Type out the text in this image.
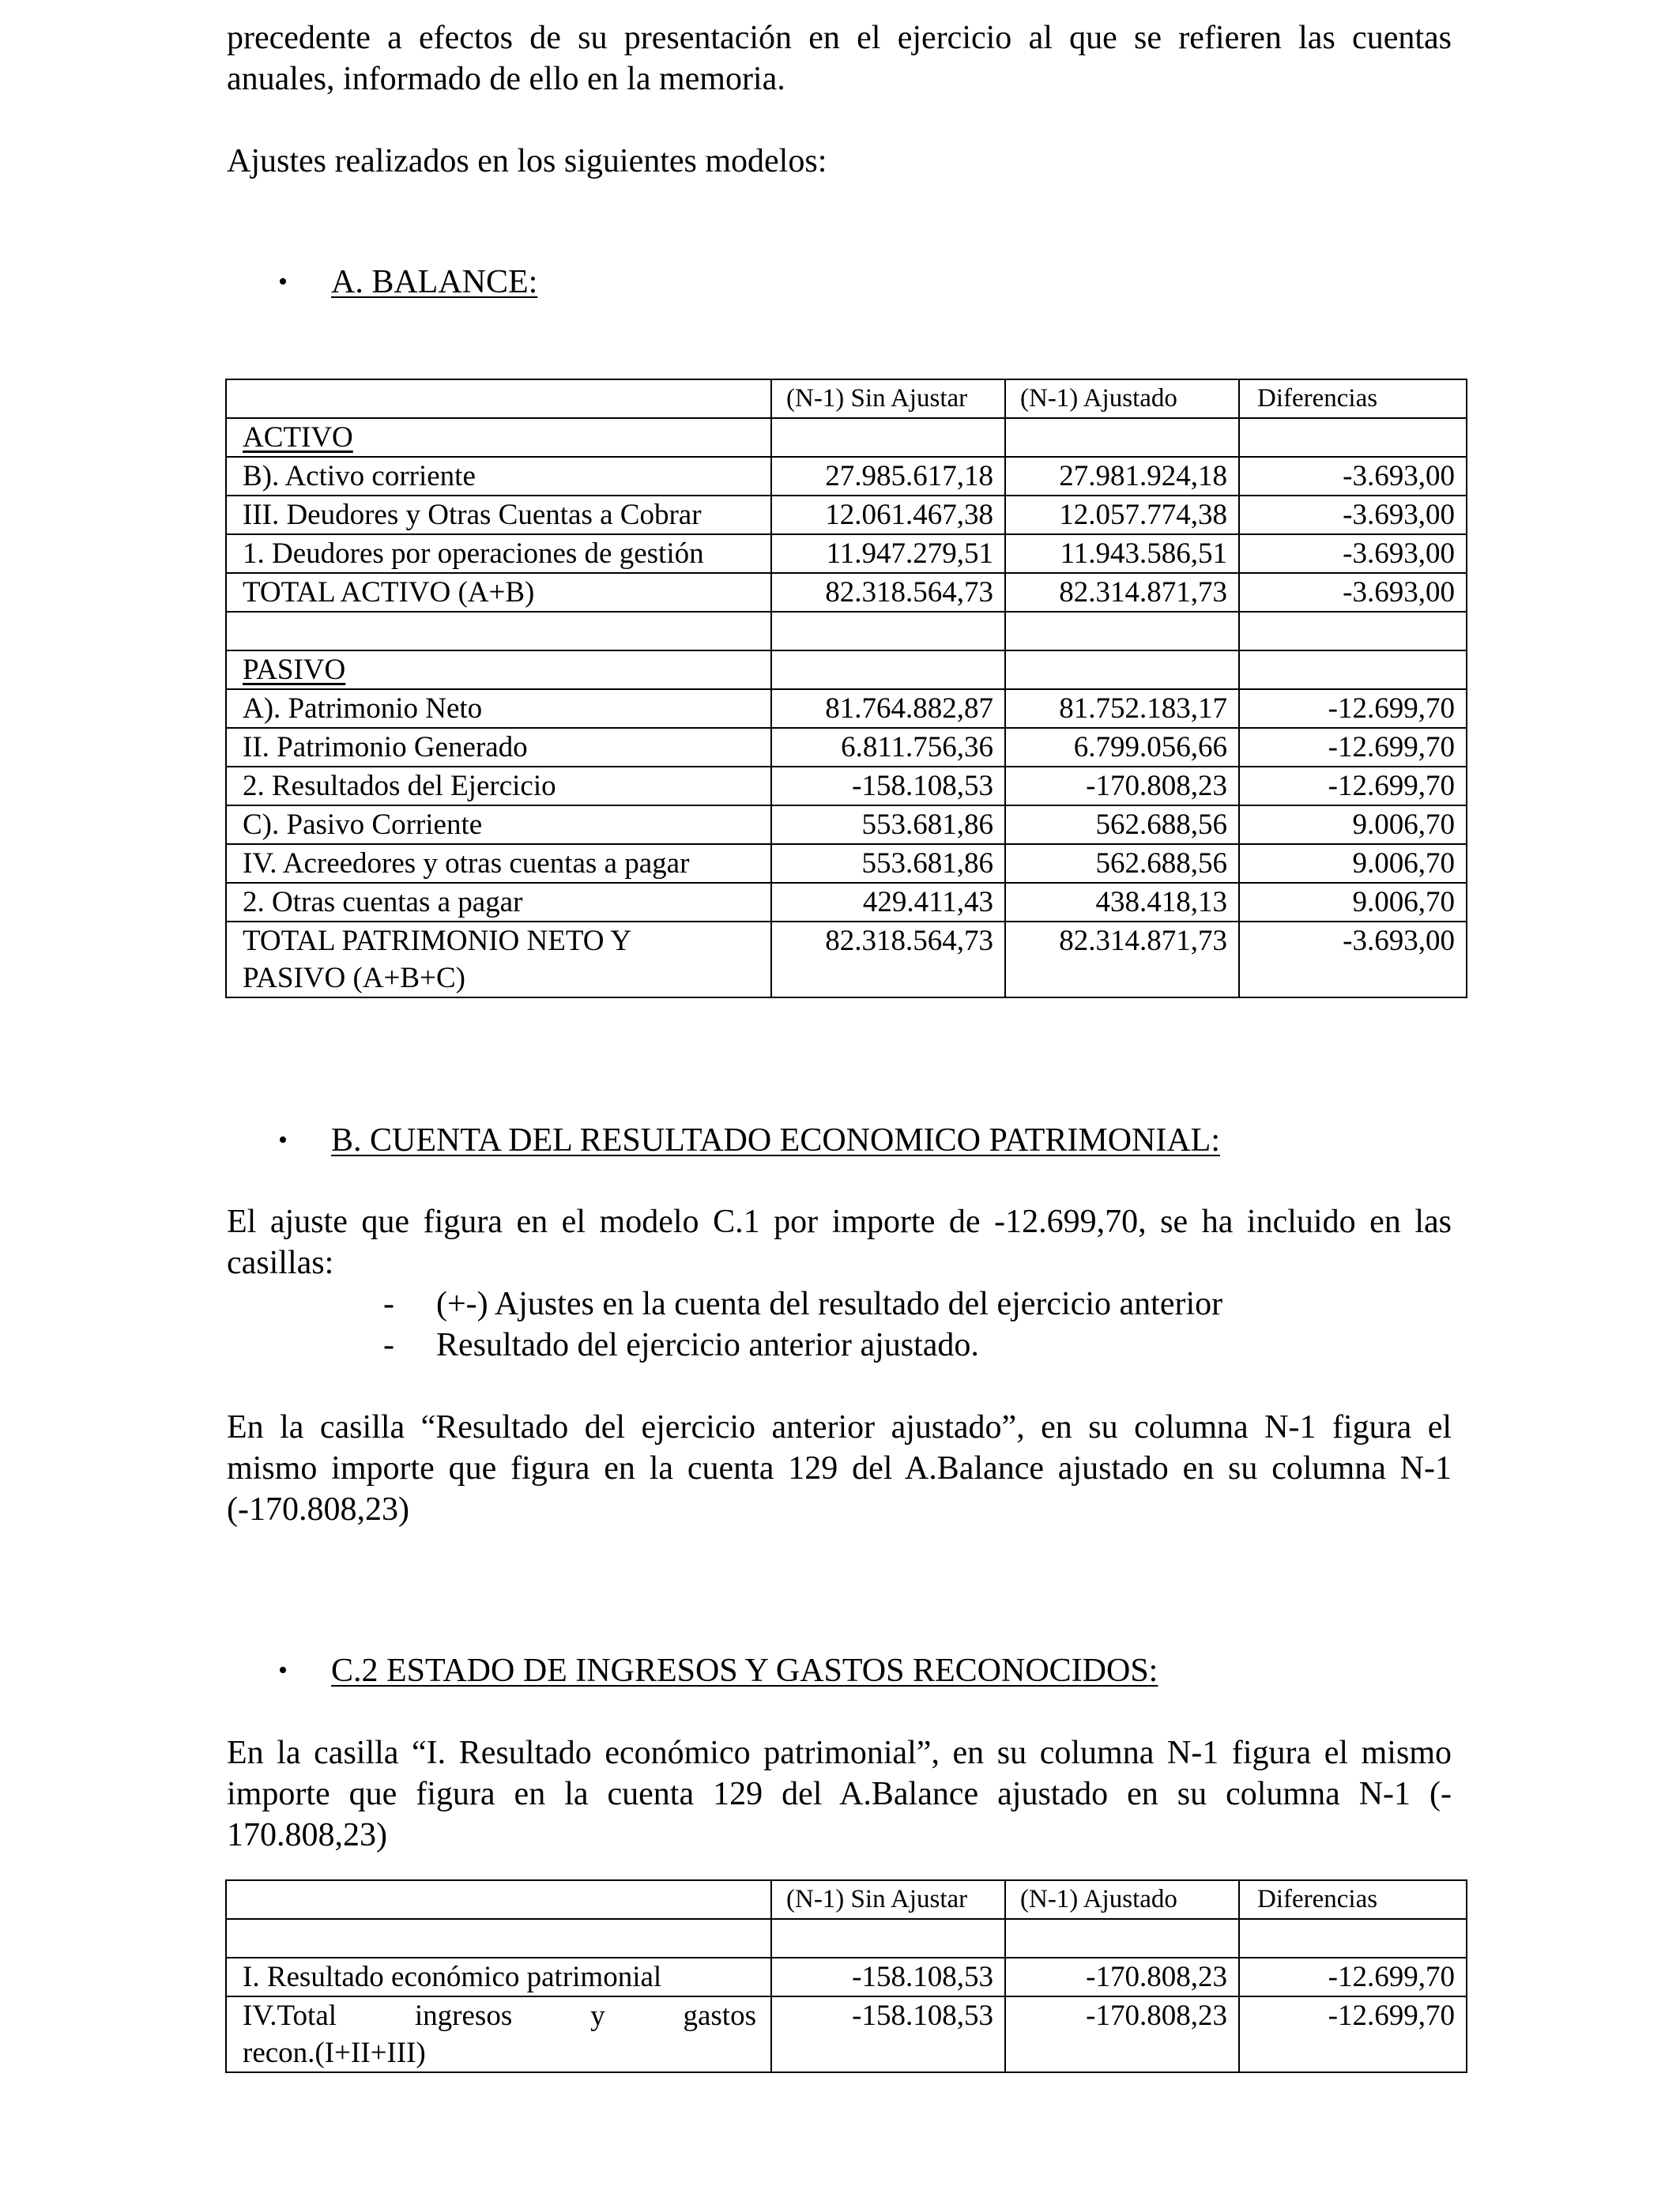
precedente a efectos de su presentación en el ejercicio al que se refieren las cuentas

anuales, informado de ello en la memoria.

Ajustes realizados en los siguientes modelos:

• A. BALANCE:

	(N-1) Sin Ajustar	(N-1) Ajustado	Diferencias
ACTIVO			
B). Activo corriente	27.985.617,18	27.981.924,18	-3.693,00
III. Deudores y Otras Cuentas a Cobrar	12.061.467,38	12.057.774,38	-3.693,00
1. Deudores por operaciones de gestión	11.947.279,51	11.943.586,51	-3.693,00
TOTAL ACTIVO (A+B)	82.318.564,73	82.314.871,73	-3.693,00

PASIVO			
A). Patrimonio Neto	81.764.882,87	81.752.183,17	-12.699,70
II. Patrimonio Generado	6.811.756,36	6.799.056,66	-12.699,70
2. Resultados del Ejercicio	-158.108,53	-170.808,23	-12.699,70
C). Pasivo Corriente	553.681,86	562.688,56	9.006,70
IV. Acreedores y otras cuentas a pagar	553.681,86	562.688,56	9.006,70
2. Otras cuentas a pagar	429.411,43	438.418,13	9.006,70

TOTAL PATRIMONIO NETO Y
PASIVO (A+B+C)	82.318.564,73	82.314.871,73	-3.693,00

• B. CUENTA DEL RESULTADO ECONOMICO PATRIMONIAL:

El ajuste que figura en el modelo C.1 por importe de -12.699,70, se ha incluido en las

casillas:

- (+-) Ajustes en la cuenta del resultado del ejercicio anterior
- Resultado del ejercicio anterior ajustado.

En la casilla “Resultado del ejercicio anterior ajustado”, en su columna N-1 figura el

mismo importe que figura en la cuenta 129 del A.Balance ajustado en su columna N-1

(-170.808,23)

• C.2 ESTADO DE INGRESOS Y GASTOS RECONOCIDOS:

En la casilla “I. Resultado económico patrimonial”, en su columna N-1 figura el mismo

importe que figura en la cuenta 129 del A.Balance ajustado en su columna N-1 (-

170.808,23)

	(N-1) Sin Ajustar	(N-1) Ajustado	Diferencias

I. Resultado económico patrimonial	-158.108,53	-170.808,23	-12.699,70

IV.Total ingresos y gastos
recon.(I+II+III)	-158.108,53	-170.808,23	-12.699,70
